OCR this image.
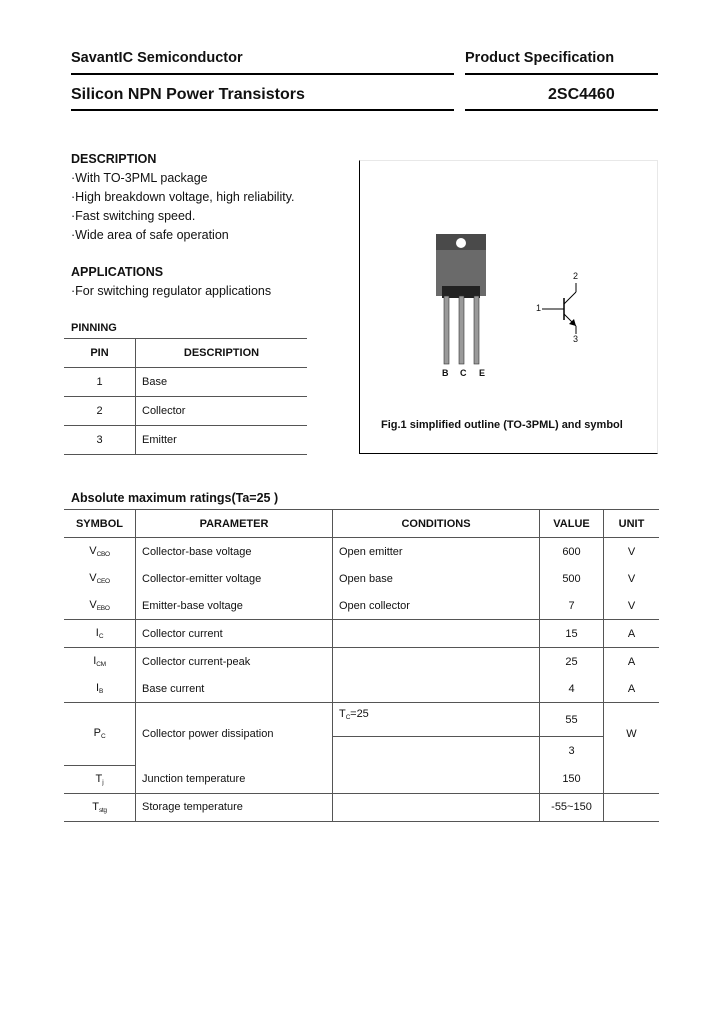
SavantIC Semiconductor	Product Specification
Silicon NPN Power Transistors	2SC4460
DESCRIPTION
·With TO-3PML package
·High breakdown voltage, high reliability.
·Fast switching speed.
·Wide area of safe operation
APPLICATIONS
·For switching regulator applications
PINNING
PIN	DESCRIPTION
1	Base
2	Collector
3	Emitter
B C E
1
2
3
Fig.1 simplified outline (TO-3PML) and symbol
Absolute maximum ratings(Ta=25 )
SYMBOL	PARAMETER	CONDITIONS	VALUE	UNIT
$V_{CBO}$	Collector-base voltage	Open emitter	600	V
$V_{CEO}$	Collector-emitter voltage	Open base	500	V
$V_{EBO}$	Emitter-base voltage	Open collector	7	V
$I_C$	Collector current		15	A
$I_{CM}$	Collector current-peak		25	A
$I_B$	Base current		4	A
$P_C$	Collector power dissipation	$T_C=25$	55	W
			3	
$T_j$	Junction temperature		150	
$T_{stg}$	Storage temperature		-55~150	
